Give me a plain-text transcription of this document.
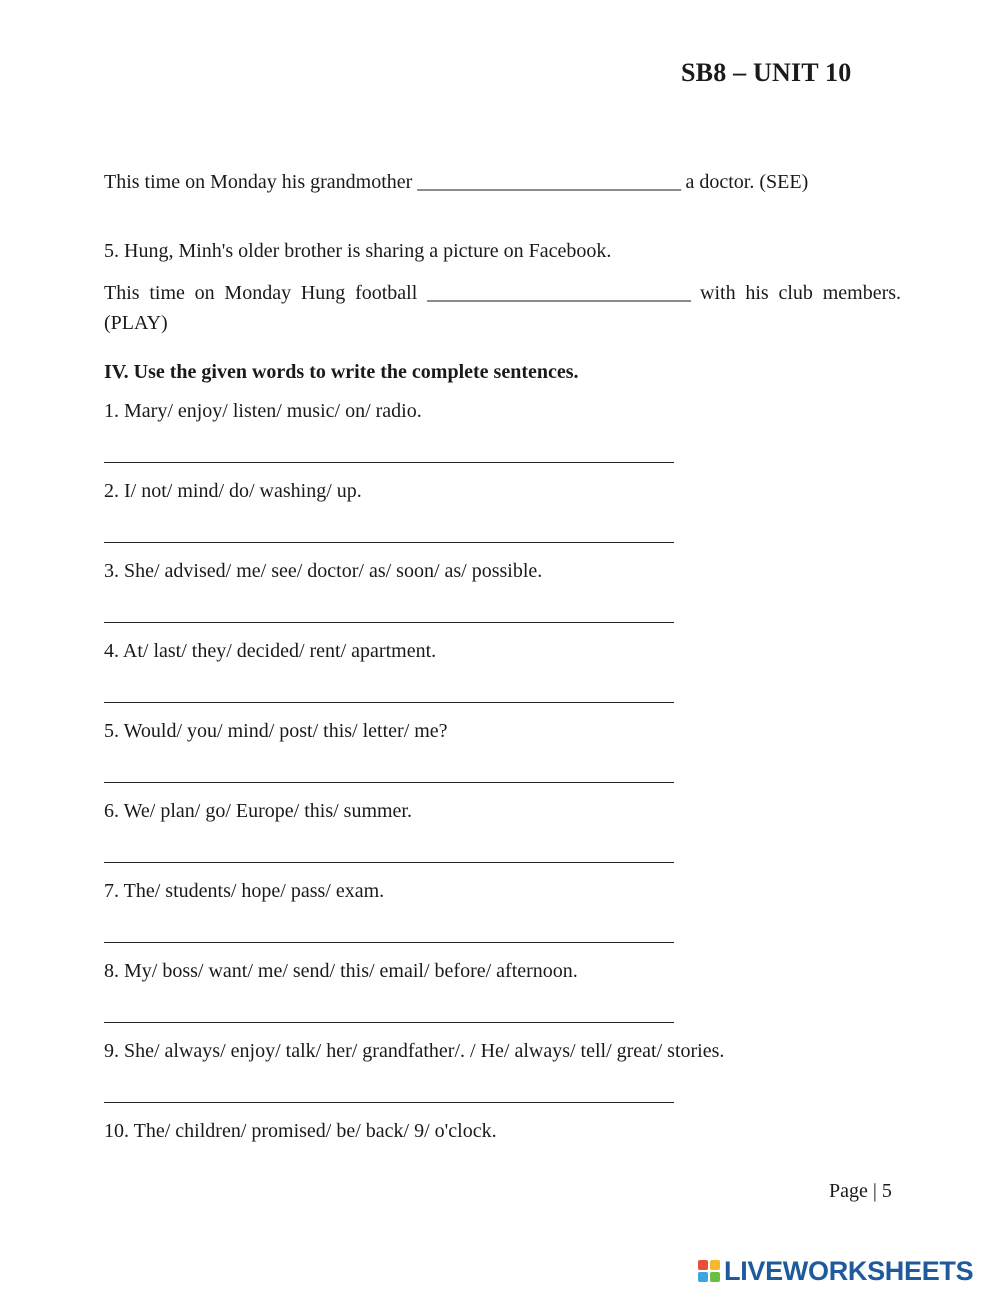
SB8 – UNIT 10
This time on Monday his grandmother ____________________________ a doctor. (SEE)
5. Hung, Minh's older brother is sharing a picture on Facebook.
This time on Monday Hung football ____________________________ with his club members. (PLAY)
IV. Use the given words to write the complete sentences.
1. Mary/ enjoy/ listen/ music/ on/ radio.
2. I/ not/ mind/ do/ washing/ up.
3. She/ advised/ me/ see/ doctor/ as/ soon/ as/ possible.
4. At/ last/ they/ decided/ rent/ apartment.
5. Would/ you/ mind/ post/ this/ letter/ me?
6. We/ plan/ go/ Europe/ this/ summer.
7. The/ students/ hope/ pass/ exam.
8. My/ boss/ want/ me/ send/ this/ email/ before/ afternoon.
9. She/ always/ enjoy/ talk/ her/ grandfather/. / He/ always/ tell/ great/ stories.
10. The/ children/ promised/ be/ back/ 9/ o'clock.
Page | 5
LIVEWORKSHEETS
